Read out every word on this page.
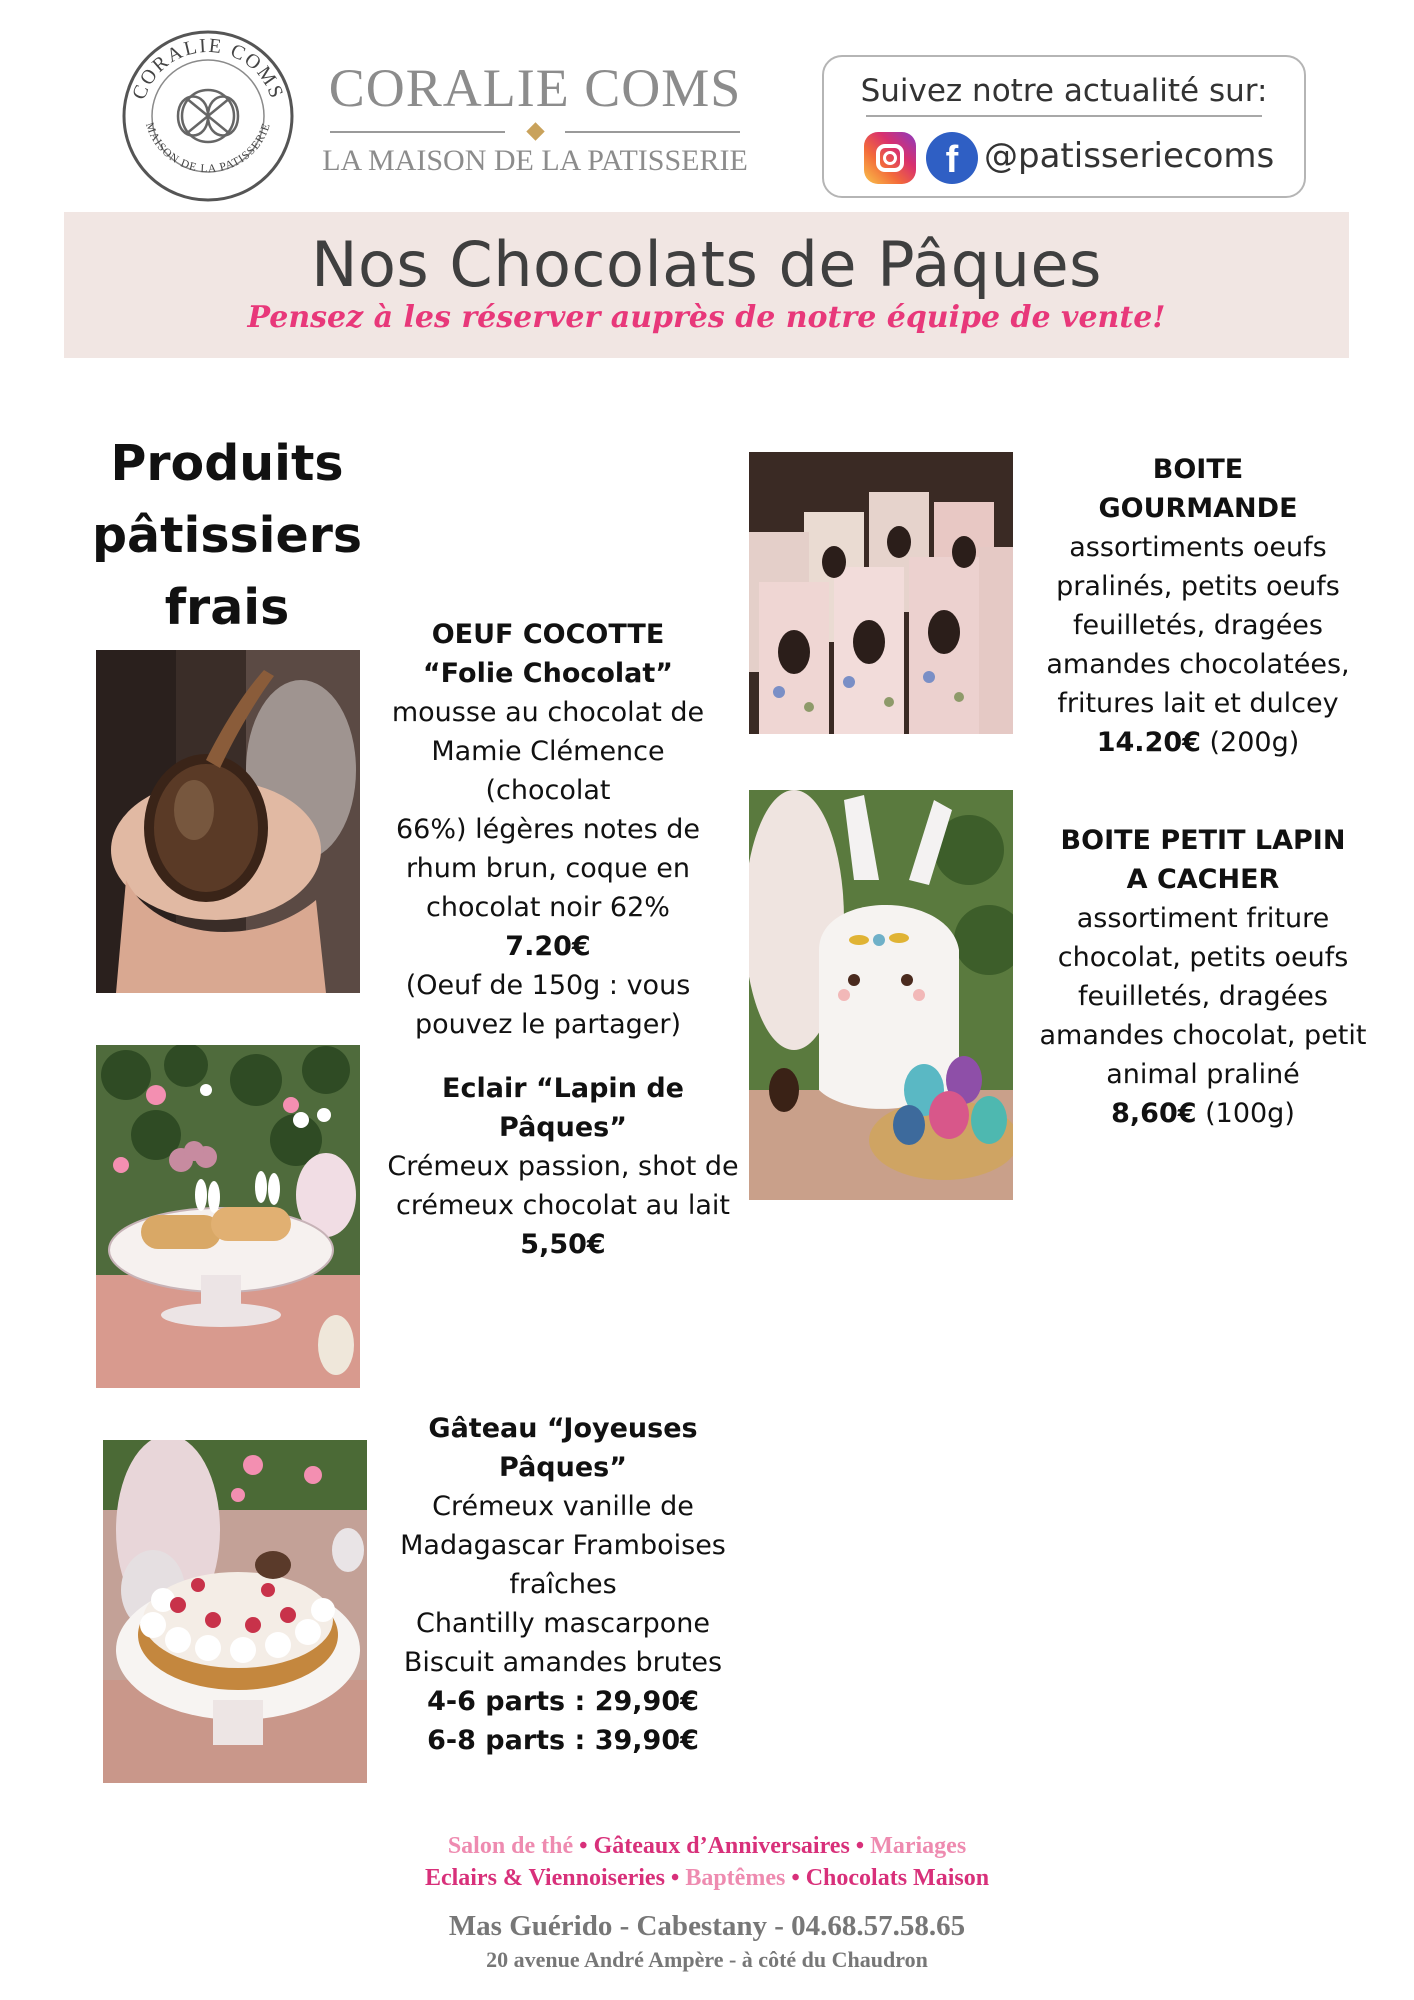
CORALIE COMS
MAISON DE LA PATISSERIE
CORALIE COMS
LA MAISON DE LA PATISSERIE
Suivez notre actualité sur:
f @patisseriecoms
Nos Chocolats de Pâques
Pensez à les réserver auprès de notre équipe de vente!
Produits
pâtissiers
frais	OEUF COCOTTE
“Folie Chocolat”
mousse au chocolat de
Mamie Clémence (chocolat
66%) légères notes de
rhum brun, coque en
chocolat noir 62%
7.20€
(Oeuf de 150g : vous
pouvez le partager)
Eclair “Lapin de Pâques”
Crémeux passion, shot de
crémeux chocolat au lait
5,50€
Gâteau “Joyeuses
Pâques”
Crémeux vanille de
Madagascar Framboises
fraîches
Chantilly mascarpone
Biscuit amandes brutes
4-6 parts : 29,90€
6-8 parts : 39,90€
BOITE
GOURMANDE
assortiments oeufs
pralinés, petits oeufs
feuilletés, dragées
amandes chocolatées,
fritures lait et dulcey
14.20€ (200g)
BOITE PETIT LAPIN
A CACHER
assortiment friture
chocolat, petits oeufs
feuilletés, dragées
amandes chocolat, petit
animal praliné
8,60€ (100g)
Salon de thé • Gâteaux d’Anniversaires • Mariages
Eclairs & Viennoiseries • Baptêmes • Chocolats Maison
Mas Guérido - Cabestany - 04.68.57.58.65
20 avenue André Ampère - à côté du Chaudron
